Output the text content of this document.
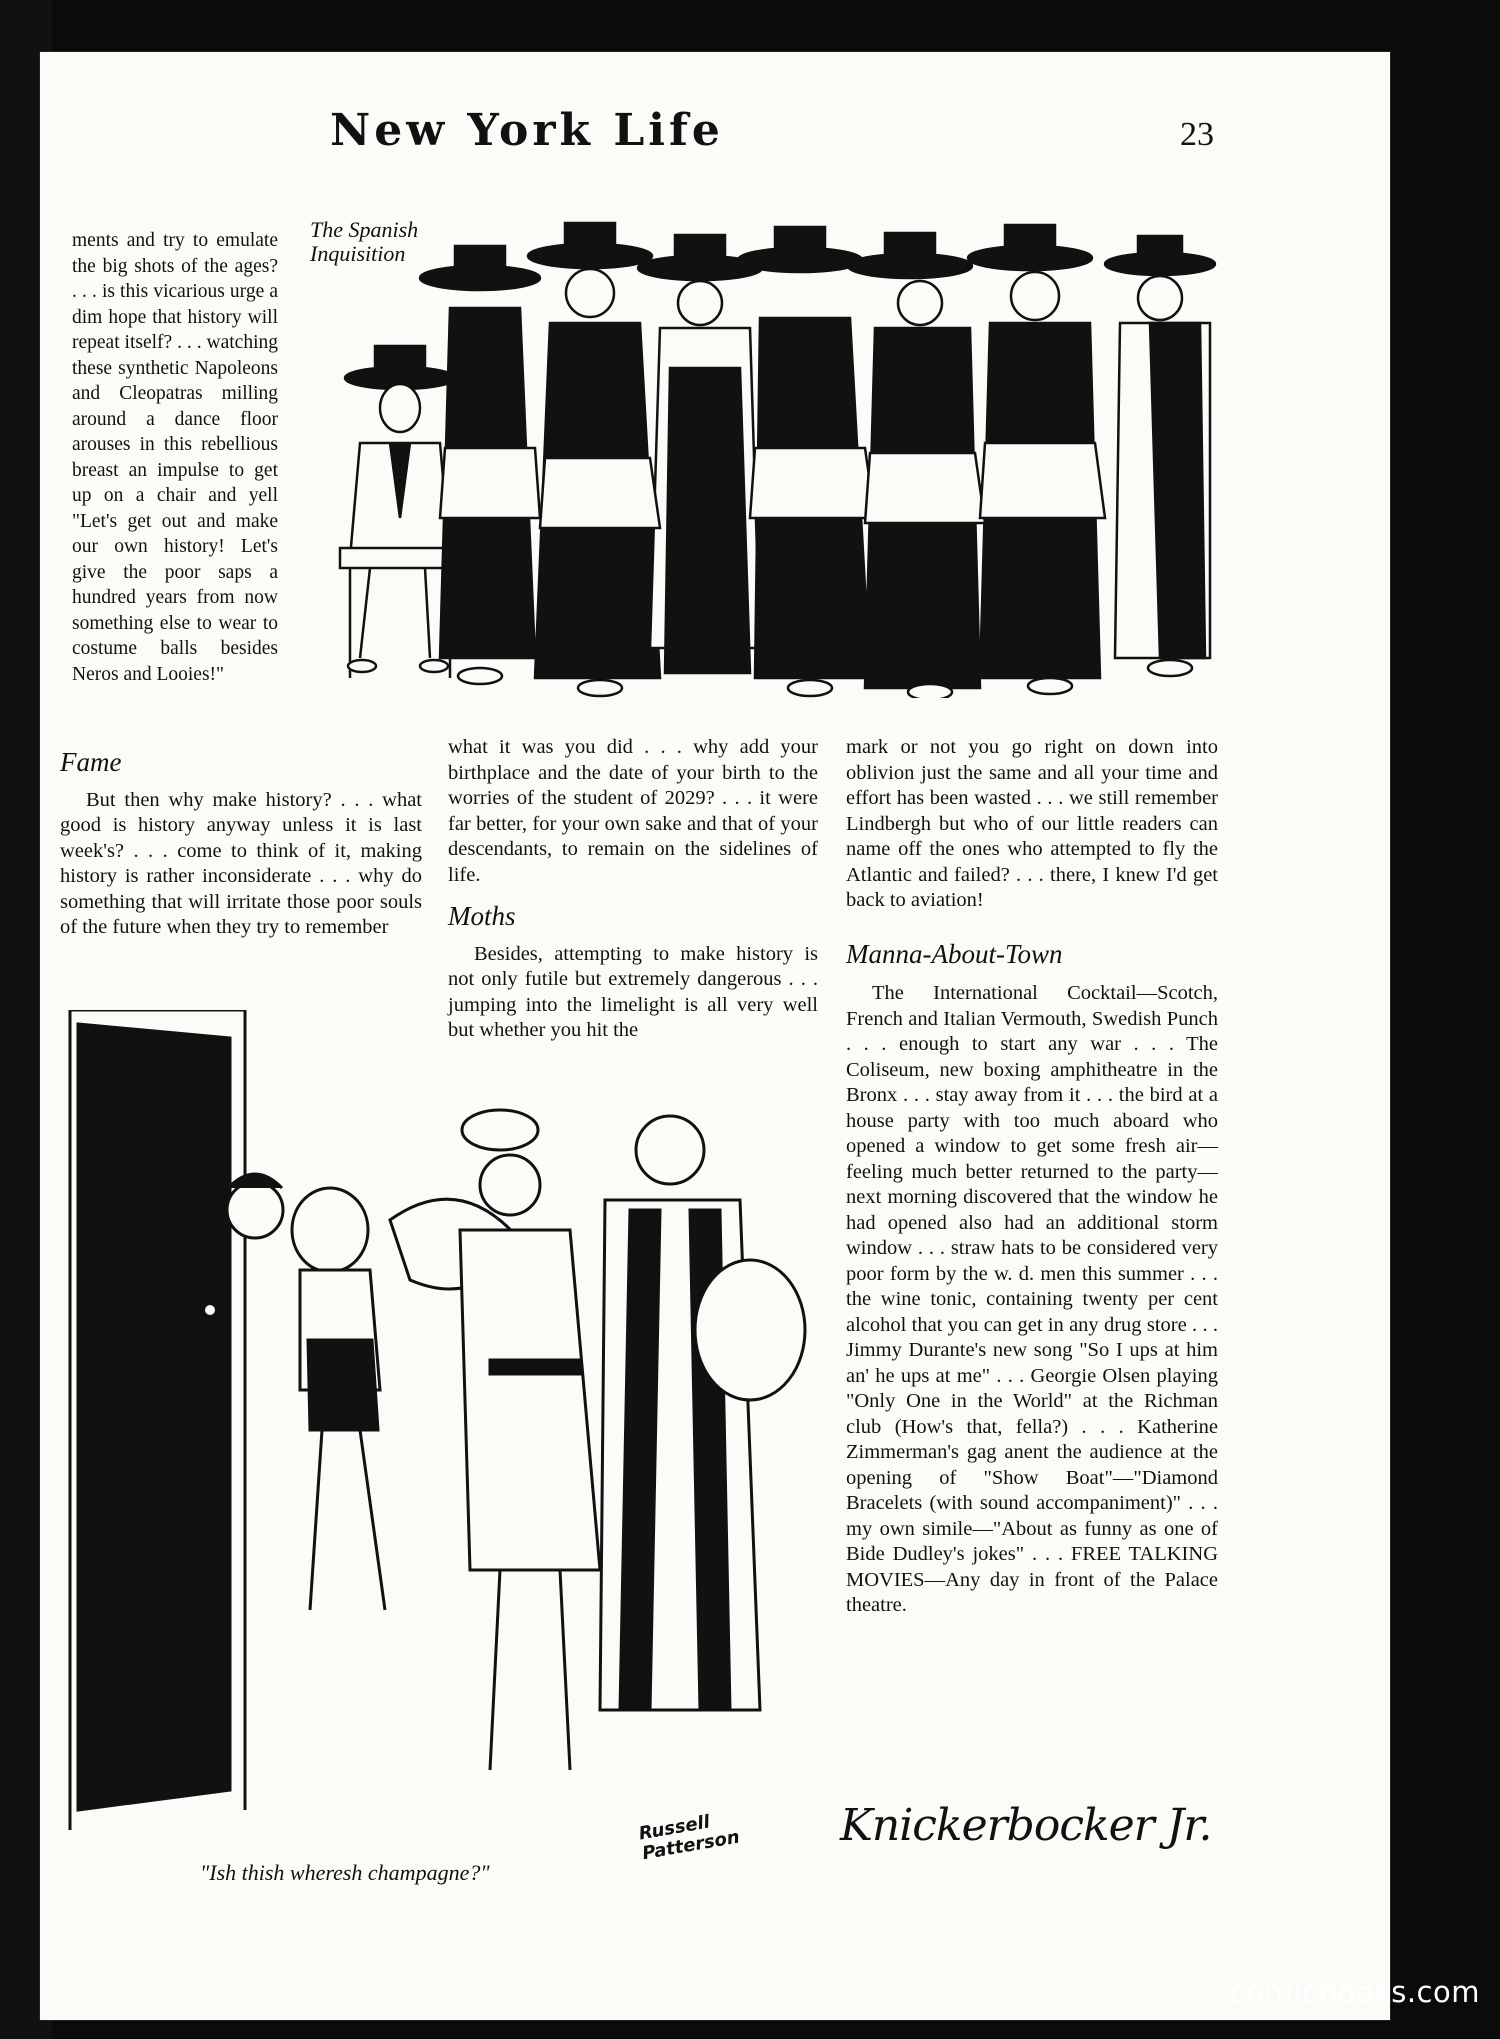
New York Life	23
The Spanish Inquisition

ments and try to emulate the big shots of the ages? . . . is this vicarious urge a dim hope that history will repeat itself? . . . watching these synthetic Napoleons and Cleopatras milling around a dance floor arouses in this rebellious breast an impulse to get up on a chair and yell "Let's get out and make our own history! Let's give the poor saps a hundred years from now something else to wear to costume balls besides Neros and Looies!"

Fame

But then why make history? . . . what good is history anyway unless it is last week's? . . . come to think of it, making history is rather inconsiderate . . . why do something that will irritate those poor souls of the future when they try to remember

what it was you did . . . why add your birthplace and the date of your birth to the worries of the student of 2029? . . . it were far better, for your own sake and that of your descendants, to remain on the sidelines of life.

Moths

Besides, attempting to make history is not only futile but extremely dangerous . . . jumping into the limelight is all very well but whether you hit the

mark or not you go right on down into oblivion just the same and all your time and effort has been wasted . . . we still remember Lindbergh but who of our little readers can name off the ones who attempted to fly the Atlantic and failed? . . . there, I knew I'd get back to aviation!

Manna-About-Town

The International Cocktail—Scotch, French and Italian Vermouth, Swedish Punch . . . enough to start any war . . . The Coliseum, new boxing amphitheatre in the Bronx . . . stay away from it . . . the bird at a house party with too much aboard who opened a window to get some fresh air—feeling much better returned to the party—next morning discovered that the window he had opened also had an additional storm window . . . straw hats to be considered very poor form by the w. d. men this summer . . . the wine tonic, containing twenty per cent alcohol that you can get in any drug store . . . Jimmy Durante's new song "So I ups at him an' he ups at me" . . . Georgie Olsen playing "Only One in the World" at the Richman club (How's that, fella?) . . . Katherine Zimmerman's gag anent the audience at the opening of "Show Boat"—"Diamond Bracelets (with sound accompaniment)" . . . my own simile—"About as funny as one of Bide Dudley's jokes" . . . FREE TALKING MOVIES—Any day in front of the Palace theatre.

Russell Patterson
"Ish thish wheresh champagne?"
Knickerbocker Jr.
comicbooks.com
